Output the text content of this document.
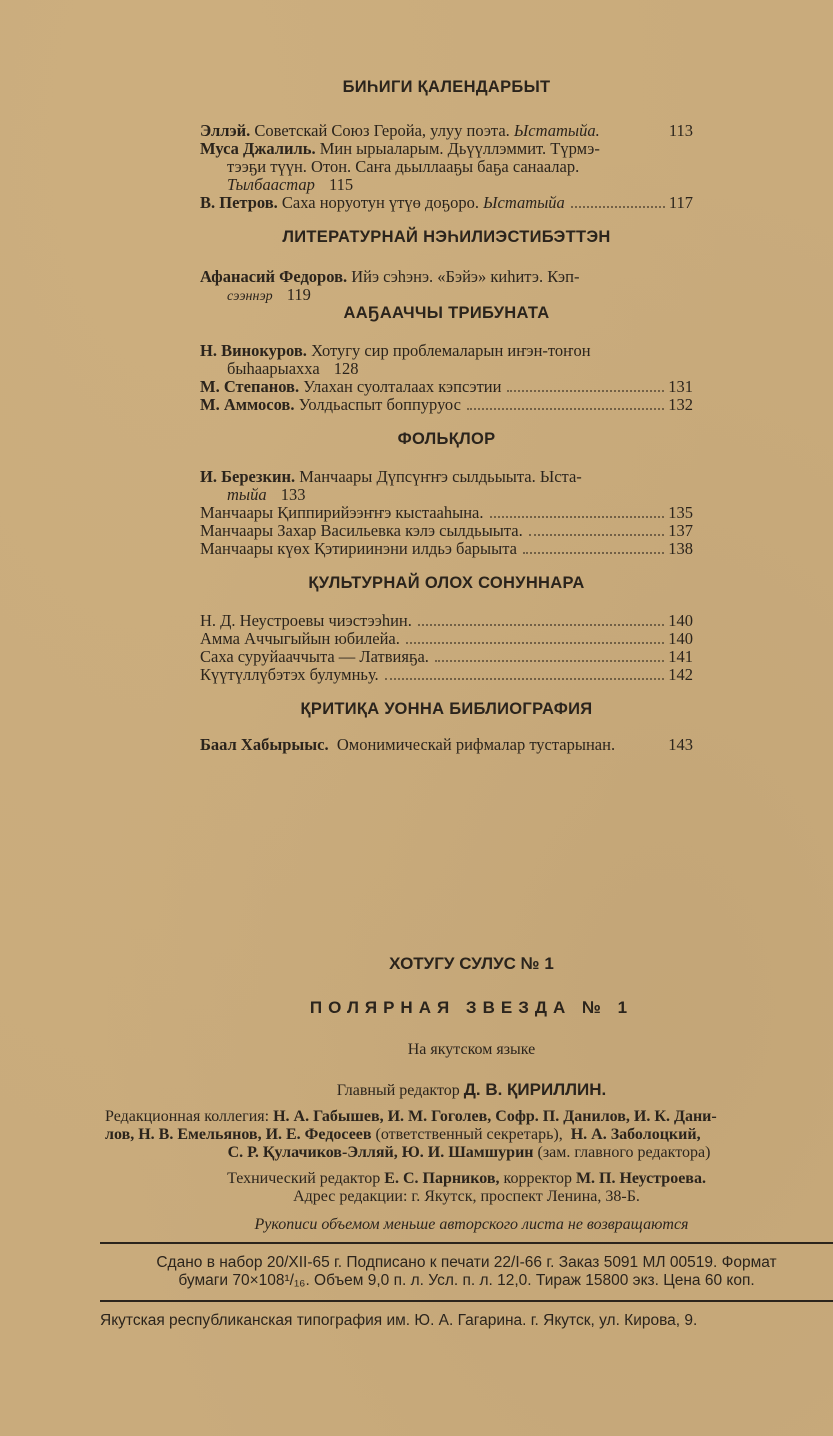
БИҺИГИ ҚАЛЕНДАРБЫТ
Эллэй. Советскай Союз Геройа, улуу поэта. Ыстатыйа.	113
Муса Джалиль. Мин ырыаларым. Дьүүллэммит. Түрмэ-
тээҕи түүн. Отон. Саҥа дьыллааҕы баҕа санаалар.
Тылбаастар 115
В. Петров. Саха норуотун үтүө доҕоро. Ыстатыйа	117
ЛИТЕРАТУРНАЙ НЭҺИЛИЭСТИБЭТТЭН
Афанасий Федоров. Ийэ сэһэнэ. «Бэйэ» киһитэ. Кэп-
сээннэр 119
ААҔААЧЧЫ ТРИБУНАТА
Н. Винокуров. Хотугу сир проблемаларын иҥэн-тоҥон
быһаарыахха 128
М. Степанов. Улахан суолталаах кэпсэтии	131
М. Аммосов. Уолдьаспыт боппуруос	132
ФОЛЬҚЛОР
И. Березкин. Манчаары Дүпсүҥҥэ сылдьыыта. Ыста-
тыйа 133
Манчаары Қиппирийээҥҥэ кыстааһына.	135
Манчаары Захар Васильевка кэлэ сылдьыыта.	137
Манчаары күөх Қэтириинэни илдьэ барыыта	138
ҚУЛЬТУРНАЙ ОЛОХ СОНУННАРА
Н. Д. Неустроевы чиэстээһин.	140
Амма Аччыгыйын юбилейа.	140
Саха суруйааччыта — Латвияҕа.	141
Күүтүллүбэтэх булумньу.	142
ҚРИТИҚА УОННА БИБЛИОГРАФИЯ
Баал Хабырыыс. Омонимическай рифмалар тустарынан.	143
ХОТУГУ СУЛУС № 1
ПОЛЯРНАЯ ЗВЕЗДА № 1
На якутском языке
Главный редактор Д. В. ҚИРИЛЛИН.
Редакционная коллегия: Н. А. Габышев, И. М. Гоголев, Софр. П. Данилов, И. К. Дани-
лов, Н. В. Емельянов, И. Е. Федосеев (ответственный секретарь), Н. А. Заболоцкий,
С. Р. Қулачиков-Элляй, Ю. И. Шамшурин (зам. главного редактора)
Технический редактор Е. С. Парников, корректор М. П. Неустроева.
Адрес редакции: г. Якутск, проспект Ленина, 38-Б.
Рукописи объемом меньше авторского листа не возвращаются
Сдано в набор 20/XII-65 г. Подписано к печати 22/I-66 г. Заказ 5091 МЛ 00519. Формат
бумаги 70×108¹/₁₆. Объем 9,0 п. л. Усл. п. л. 12,0. Тираж 15800 экз. Цена 60 коп.
Якутская республиканская типография им. Ю. А. Гагарина. г. Якутск, ул. Кирова, 9.
